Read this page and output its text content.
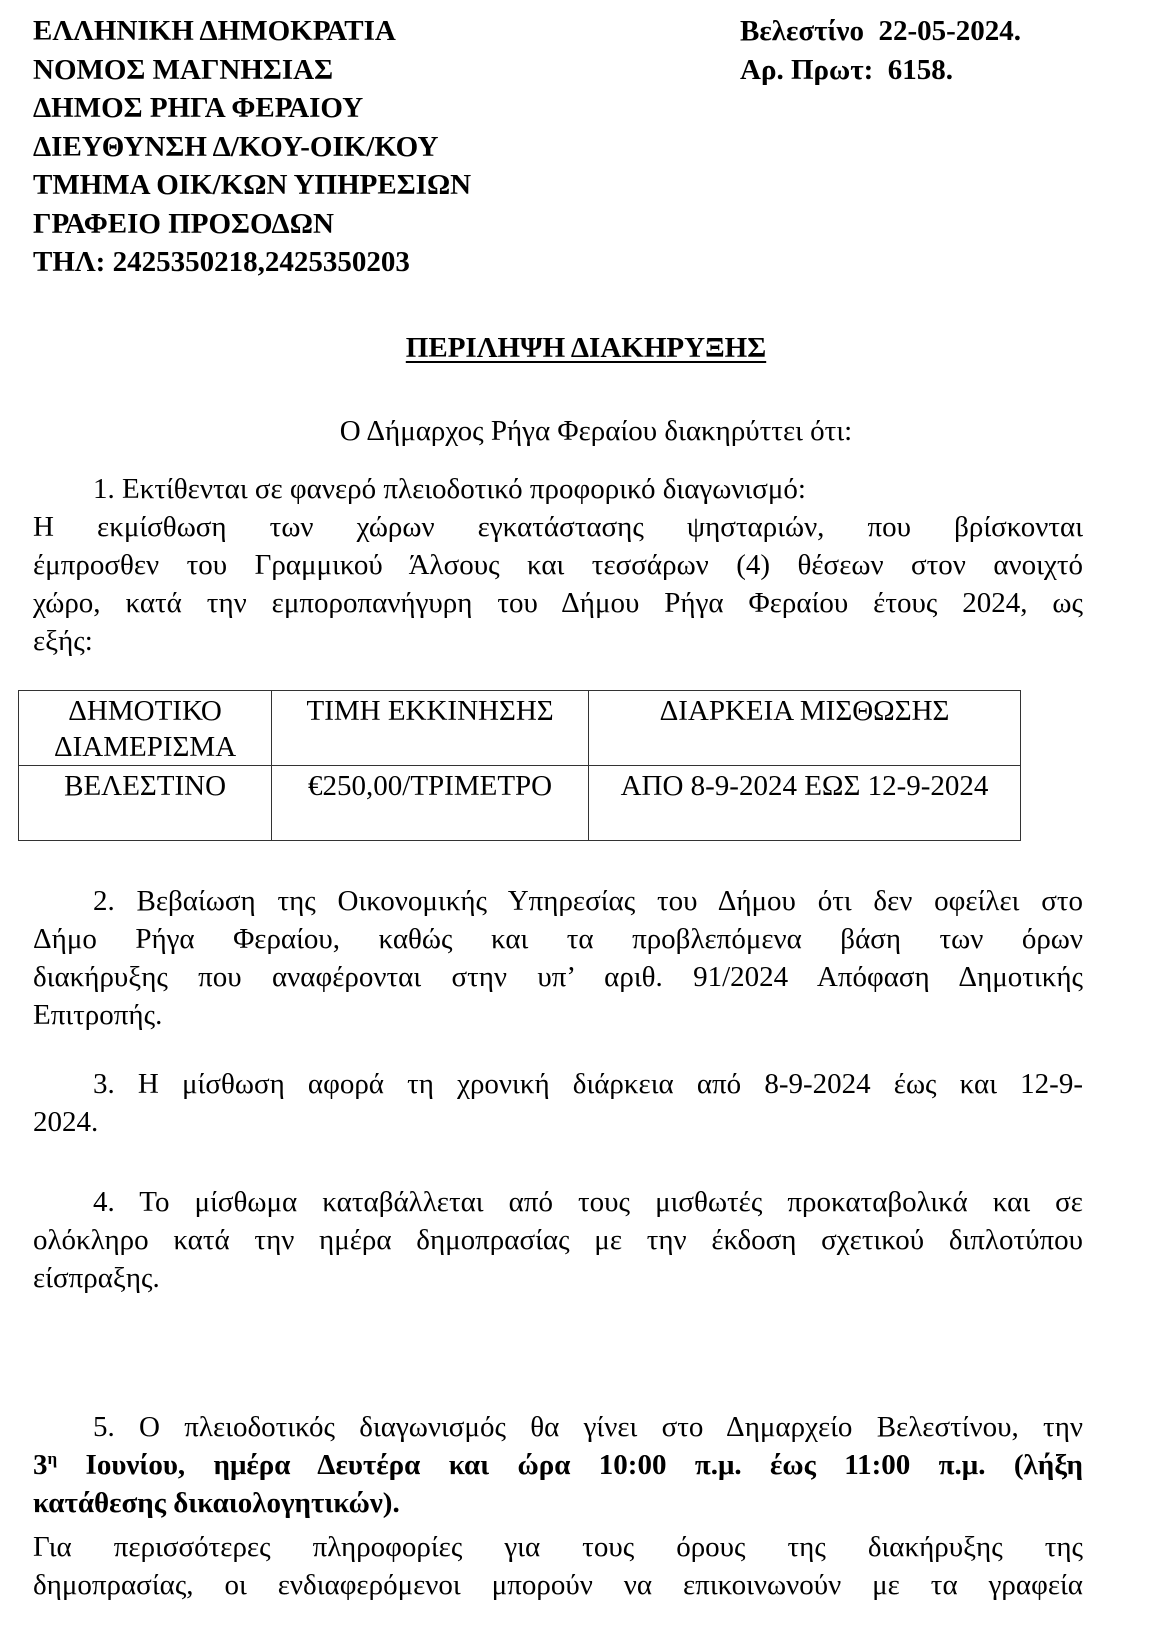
ΕΛΛΗΝΙΚΗ ΔΗΜΟΚΡΑΤΙΑ
ΝΟΜΟΣ ΜΑΓΝΗΣΙΑΣ
ΔΗΜΟΣ ΡΗΓΑ ΦΕΡΑΙΟΥ
ΔΙΕΥΘΥΝΣΗ Δ/ΚΟΥ-ΟΙΚ/ΚΟΥ
ΤΜΗΜΑ ΟΙΚ/ΚΩΝ ΥΠΗΡΕΣΙΩΝ
ΓΡΑΦΕΙΟ ΠΡΟΣΟΔΩΝ
ΤΗΛ: 2425350218,2425350203
Βελεστίνο  22-05-2024.
Αρ. Πρωτ:  6158.
ΠΕΡΙΛΗΨΗ ΔΙΑΚΗΡΥΞΗΣ
Ο Δήμαρχος Ρήγα Φεραίου διακηρύττει ότι:
1. Εκτίθενται σε φανερό πλειοδοτικό προφορικό διαγωνισμό:
Η εκμίσθωση των χώρων εγκατάστασης ψησταριών, που βρίσκονται
έμπροσθεν του Γραμμικού Άλσους και τεσσάρων (4) θέσεων στον ανοιχτό
χώρο, κατά την εμποροπανήγυρη του Δήμου Ρήγα Φεραίου έτους 2024, ως
εξής:
ΔΗΜΟΤΙΚΟ ΔΙΑΜΕΡΙΣΜΑ	ΤΙΜΗ ΕΚΚΙΝΗΣΗΣ	ΔΙΑΡΚΕΙΑ ΜΙΣΘΩΣΗΣ
ΒΕΛΕΣΤΙΝΟ	€250,00/ΤΡΙΜΕΤΡΟ	ΑΠΟ 8-9-2024 ΕΩΣ 12-9-2024
2. Βεβαίωση της Οικονομικής Υπηρεσίας του Δήμου ότι δεν οφείλει στο
Δήμο Ρήγα Φεραίου, καθώς και τα προβλεπόμενα βάση των όρων
διακήρυξης που αναφέρονται στην υπ’ αριθ. 91/2024 Απόφαση Δημοτικής
Επιτροπής.
3. Η μίσθωση αφορά τη χρονική διάρκεια από 8-9-2024 έως και 12-9-
2024.
4. Το μίσθωμα καταβάλλεται από τους μισθωτές προκαταβολικά και σε
ολόκληρο κατά την ημέρα δημοπρασίας με την έκδοση σχετικού διπλοτύπου
είσπραξης.
5. Ο πλειοδοτικός διαγωνισμός θα γίνει στο Δημαρχείο Βελεστίνου, την
$3^\eta$ Ιουνίου, ημέρα Δευτέρα και ώρα 10:00 π.μ. έως 11:00 π.μ. (λήξη
κατάθεσης δικαιολογητικών).
Για περισσότερες πληροφορίες για τους όρους της διακήρυξης της
δημοπρασίας, οι ενδιαφερόμενοι μπορούν να επικοινωνούν με τα γραφεία
